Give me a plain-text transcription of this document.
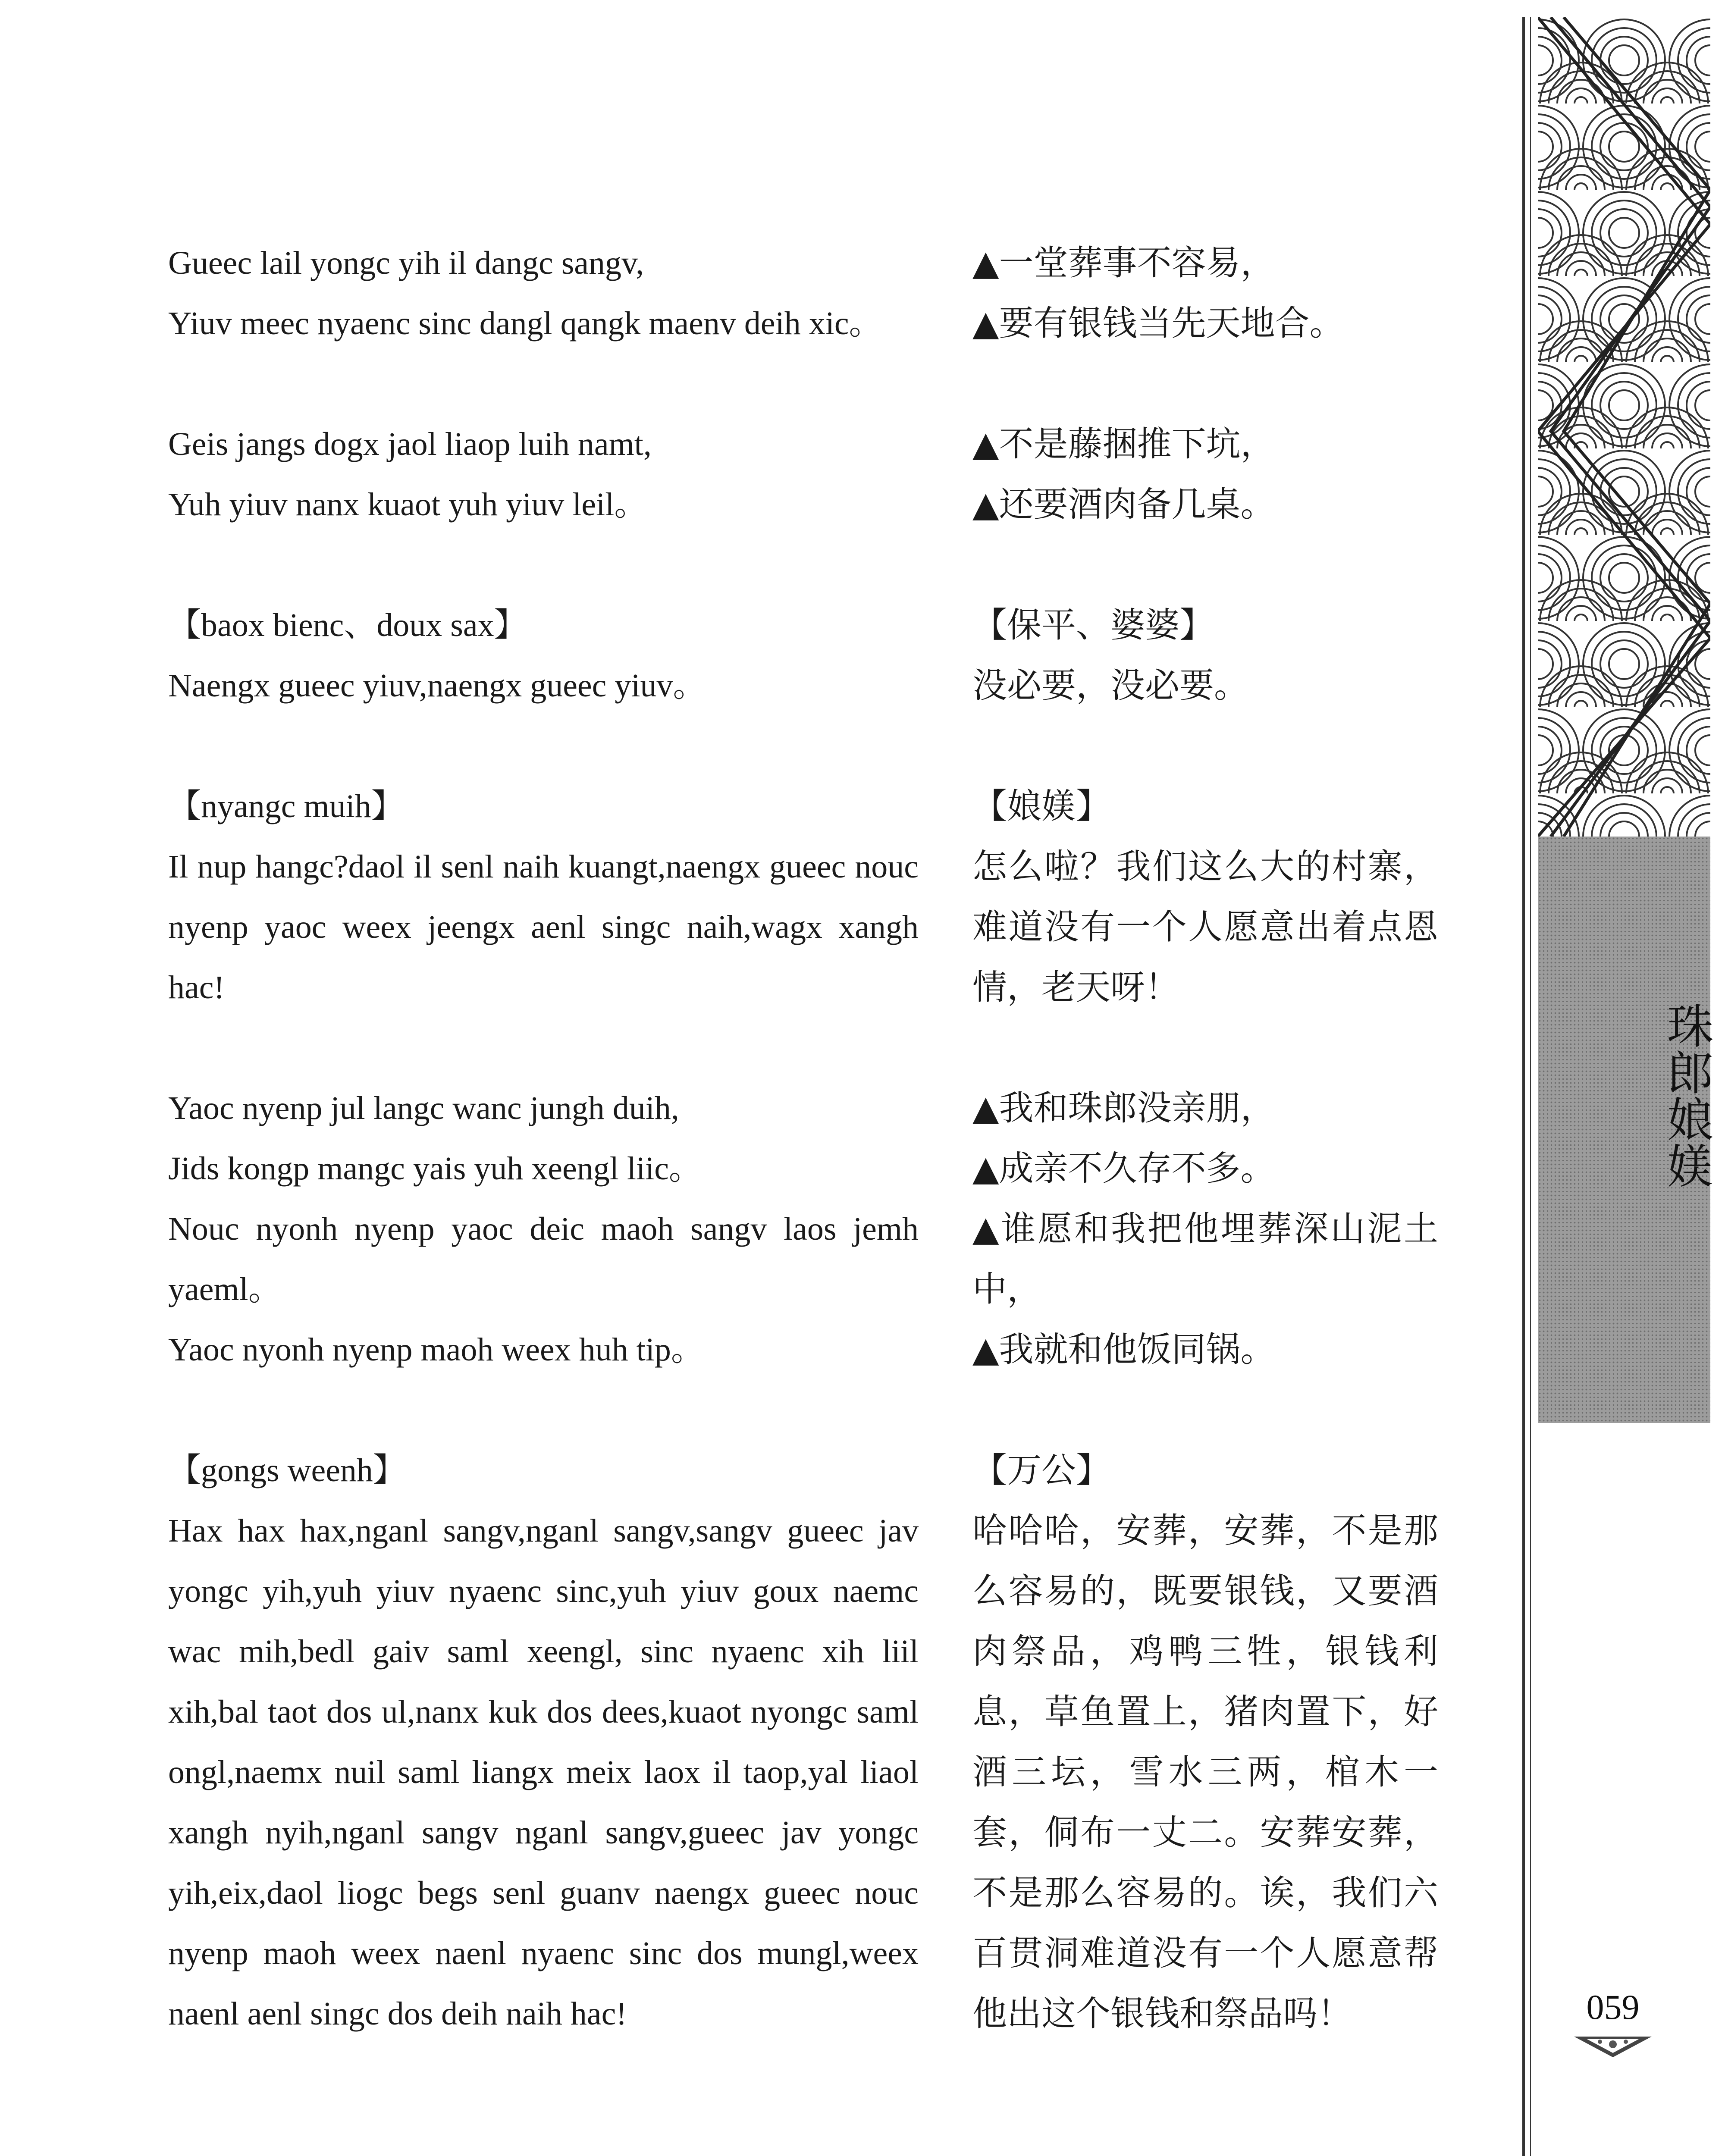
Gueec lail yongc yih il dangc sangv,
Yiuv meec nyaenc sinc dangl qangk maenv deih xic。
Geis jangs dogx jaol liaop luih namt,
Yuh yiuv nanx kuaot yuh yiuv leil。
【baox bienc、doux sax】
Naengx gueec yiuv,naengx gueec yiuv。
【nyangc muih】
Il nup hangc?daol il senl naih kuangt,naengx gueec nouc nyenp yaoc weex jeengx aenl singc naih,wagx xangh hac!
Yaoc nyenp jul langc wanc jungh duih,
Jids kongp mangc yais yuh xeengl liic。
Nouc nyonh nyenp yaoc deic maoh sangv laos jemh yaeml。
Yaoc nyonh nyenp maoh weex huh tip。
【gongs weenh】
Hax hax hax,nganl sangv,nganl sangv,sangv gueec jav yongc yih,yuh yiuv nyaenc sinc,yuh yiuv goux naemc wac mih,bedl gaiv saml xeengl, sinc nyaenc xih liil xih,bal taot dos ul,nanx kuk dos dees,kuaot nyongc saml ongl,naemx nuil saml liangx meix laox il taop,yal liaol xangh nyih,nganl sangv nganl sangv,gueec jav yongc yih,eix,daol liogc begs senl guanv naengx gueec nouc nyenp maoh weex naenl nyaenc sinc dos mungl,weex naenl aenl singc dos deih naih hac!
▲一堂葬事不容易，
▲要有银钱当先天地合。
▲不是藤捆推下坑，
▲还要酒肉备几桌。
【保平、婆婆】
没必要，没必要。
【娘媄】
怎么啦？我们这么大的村寨，难道没有一个人愿意出着点恩情，老天呀！
▲我和珠郎没亲朋，
▲成亲不久存不多。
▲谁愿和我把他埋葬深山泥土中，
▲我就和他饭同锅。
【万公】
哈哈哈，安葬，安葬，不是那么容易的，既要银钱，又要酒肉祭品，鸡鸭三牲，银钱利息，草鱼置上，猪肉置下，好酒三坛，雪水三两，棺木一套，侗布一丈二。安葬安葬，不是那么容易的。诶，我们六百贯洞难道没有一个人愿意帮他出这个银钱和祭品吗！
珠郎娘媄
059
